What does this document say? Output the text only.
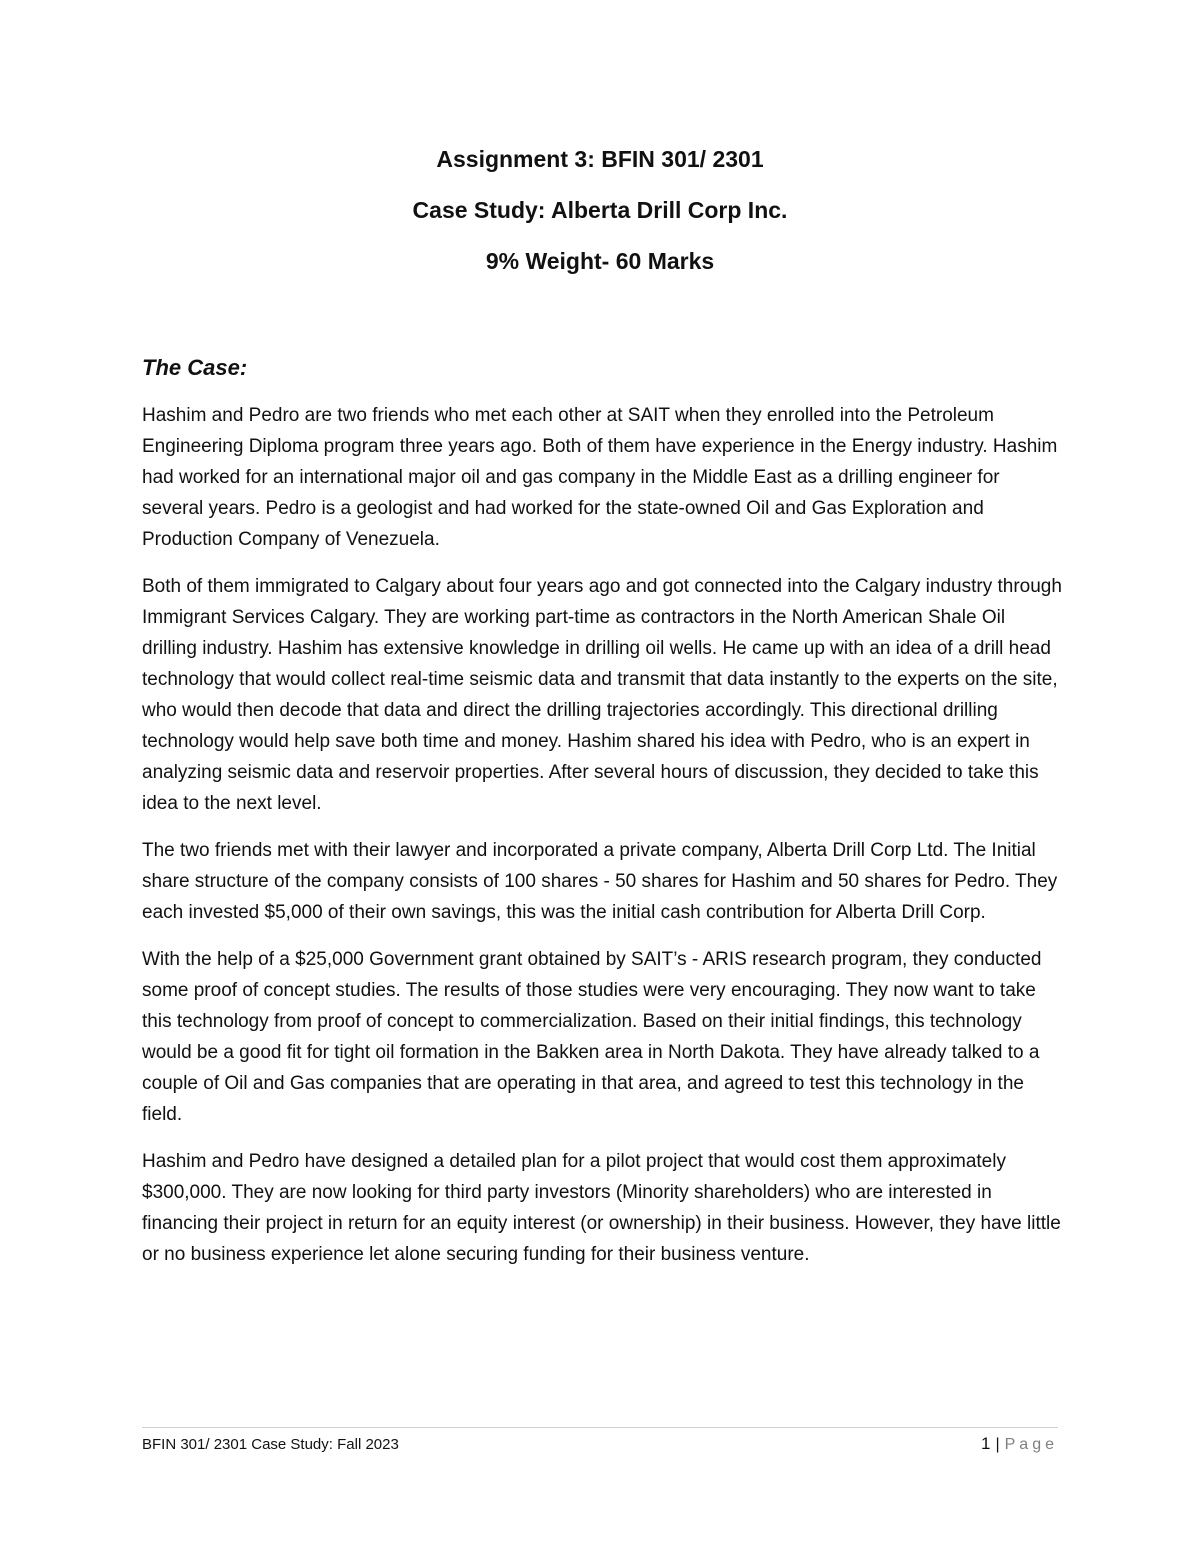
Assignment 3: BFIN 301/ 2301

Case Study: Alberta Drill Corp Inc.

9% Weight- 60 Marks

The Case:

Hashim and Pedro are two friends who met each other at SAIT when they enrolled into the Petroleum Engineering Diploma program three years ago. Both of them have experience in the Energy industry. Hashim had worked for an international major oil and gas company in the Middle East as a drilling engineer for several years. Pedro is a geologist and had worked for the state-owned Oil and Gas Exploration and Production Company of Venezuela.

Both of them immigrated to Calgary about four years ago and got connected into the Calgary industry through Immigrant Services Calgary. They are working part-time as contractors in the North American Shale Oil drilling industry. Hashim has extensive knowledge in drilling oil wells. He came up with an idea of a drill head technology that would collect real-time seismic data and transmit that data instantly to the experts on the site, who would then decode that data and direct the drilling trajectories accordingly. This directional drilling technology would help save both time and money. Hashim shared his idea with Pedro, who is an expert in analyzing seismic data and reservoir properties. After several hours of discussion, they decided to take this idea to the next level.

The two friends met with their lawyer and incorporated a private company, Alberta Drill Corp Ltd. The Initial share structure of the company consists of 100 shares - 50 shares for Hashim and 50 shares for Pedro. They each invested $5,000 of their own savings, this was the initial cash contribution for Alberta Drill Corp.

With the help of a $25,000 Government grant obtained by SAIT’s - ARIS research program, they conducted some proof of concept studies. The results of those studies were very encouraging. They now want to take this technology from proof of concept to commercialization. Based on their initial findings, this technology would be a good fit for tight oil formation in the Bakken area in North Dakota. They have already talked to a couple of Oil and Gas companies that are operating in that area, and agreed to test this technology in the field.

Hashim and Pedro have designed a detailed plan for a pilot project that would cost them approximately $300,000. They are now looking for third party investors (Minority shareholders) who are interested in financing their project in return for an equity interest (or ownership) in their business. However, they have little or no business experience let alone securing funding for their business venture.

BFIN 301/ 2301 Case Study: Fall 2023	1 | Page
